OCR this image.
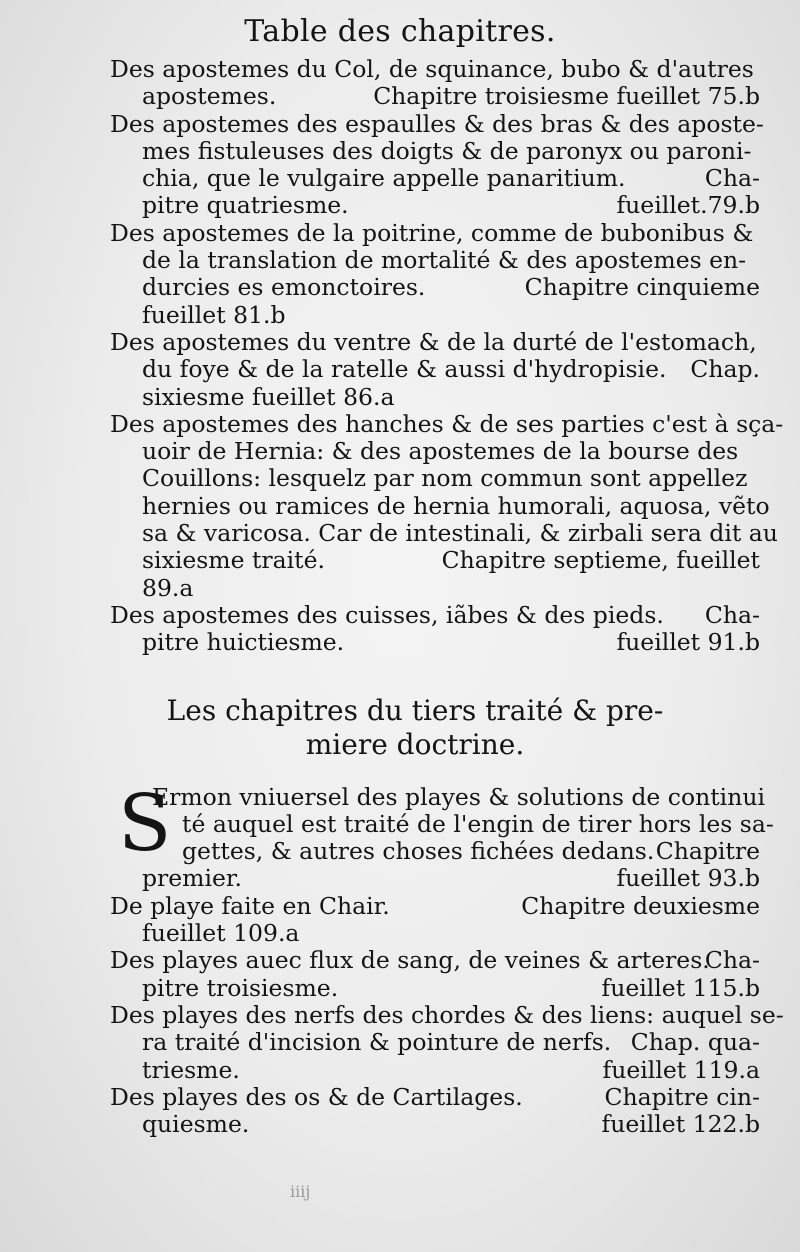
Table des chapitres.
Des apostemes du Col, de squinance, bubo & d'autres
apostemes.	Chapitre troisiesme fueillet 75.b
Des apostemes des espaulles & des bras & des aposte-
mes fistuleuses des doigts & de paronyx ou paroni-
chia, que le vulgaire appelle panaritium.	Cha-
pitre quatriesme.	fueillet.79.b
Des apostemes de la poitrine, comme de bubonibus &
de la translation de mortalité & des apostemes en-
durcies es emonctoires.	Chapitre cinquieme
fueillet 81.b
Des apostemes du ventre & de la durté de l'estomach,
du foye & de la ratelle & aussi d'hydropisie. Chap.
sixiesme fueillet 86.a
Des apostemes des hanches & de ses parties c'est à sça-
uoir de Hernia: & des apostemes de la bourse des
Couillons: lesquelz par nom commun sont appellez
hernies ou ramices de hernia humorali, aquosa, vẽto
sa & varicosa. Car de intestinali, & zirbali sera dit au
sixiesme traité.	Chapitre septieme, fueillet
89.a
Des apostemes des cuisses, iãbes & des pieds. Cha-
pitre huictiesme.	fueillet 91.b
Les chapitres du tiers traité & pre-
miere doctrine.
S
Ermon vniuersel des playes & solutions de continui
té auquel est traité de l'engin de tirer hors les sa-
gettes, & autres choses fichées dedans. Chapitre
premier.	fueillet 93.b
De playe faite en Chair.	Chapitre deuxiesme
fueillet 109.a
Des playes auec flux de sang, de veines & arteres.
Cha-
pitre troisiesme.	fueillet 115.b
Des playes des nerfs des chordes & des liens: auquel se-
ra traité d'incision & pointure de nerfs. Chap. qua-
triesme.	fueillet 119.a
Des playes des os & de Cartilages.	Chapitre cin-
quiesme.	fueillet 122.b
iiij
